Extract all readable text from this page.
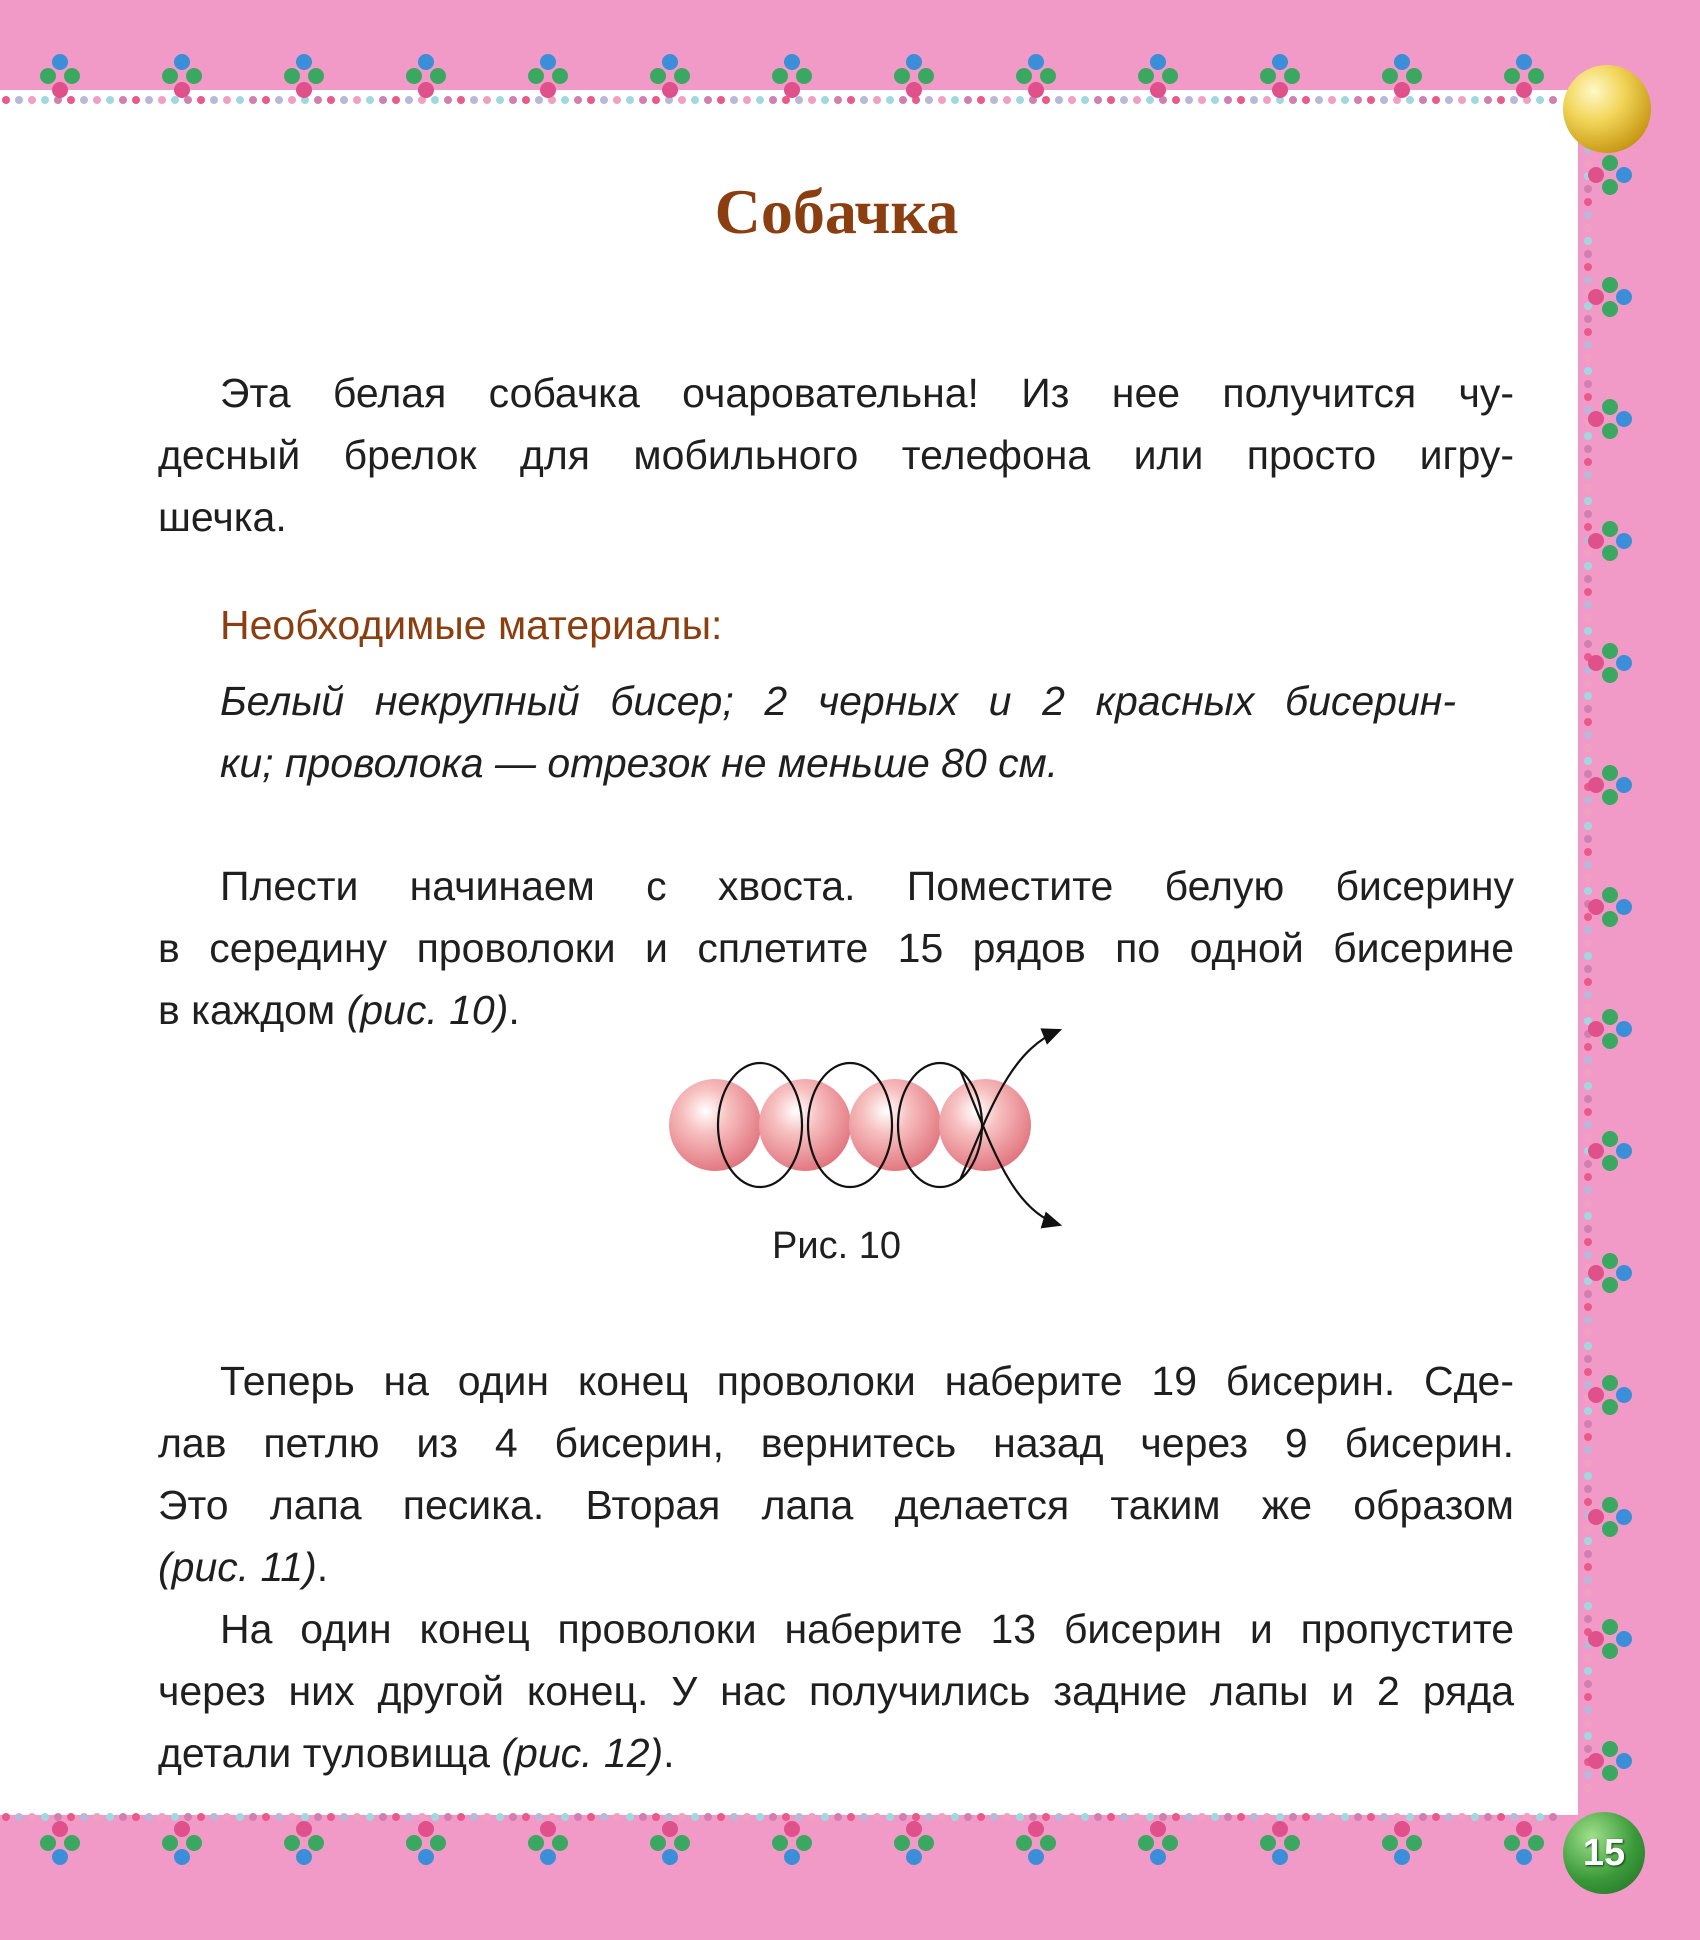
Собачка

Эта белая собачка очаровательна! Из нее получится чу-
десный брелок для мобильного телефона или просто игру-
шечка.

Необходимые материалы:
Белый некрупный бисер; 2 черных и 2 красных бисерин-
ки; проволока — отрезок не меньше 80 см.

Плести начинаем с хвоста. Поместите белую бисерину
в середину проволоки и сплетите 15 рядов по одной бисерине
в каждом (рис. 10).

Рис. 10

Теперь на один конец проволоки наберите 19 бисерин. Сде-
лав петлю из 4 бисерин, вернитесь назад через 9 бисерин.
Это лапа песика. Вторая лапа делается таким же образом
(рис. 11).

На один конец проволоки наберите 13 бисерин и пропустите
через них другой конец. У нас получились задние лапы и 2 ряда
детали туловища (рис. 12).

15
